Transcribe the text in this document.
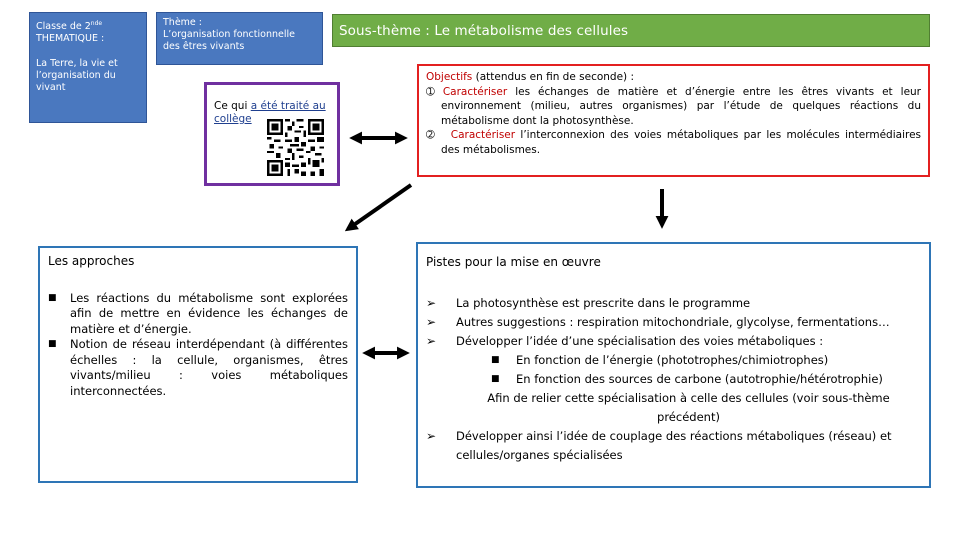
Classe de 2nde
THEMATIQUE :
La Terre, la vie et
l’organisation du
vivant
Thème :
L’organisation fonctionnelle
des êtres vivants
Sous-thème : Le métabolisme des cellules
Ce qui a été traité au
collège

Objectifs (attendus en fin de seconde) :

➀ Caractériser les échanges de matière et d’énergie entre les êtres vivants et leur environnement (milieu, autres organismes) par l’étude de quelques réactions du métabolisme dont la photosynthèse.

➁ Caractériser l’interconnexion des voies métaboliques par les molécules intermédiaires des métabolismes.

Les approches
■ Les réactions du métabolisme sont explorées afin de mettre en évidence les échanges de matière et d’énergie.
■ Notion de réseau interdépendant (à différentes échelles : la cellule, organismes, êtres vivants/milieu : voies métaboliques interconnectées.
Pistes pour la mise en œuvre
➢ La photosynthèse est prescrite dans le programme
➢ Autres suggestions : respiration mitochondriale, glycolyse, fermentations…
➢ Développer l’idée d’une spécialisation des voies métaboliques :
■ En fonction de l’énergie (phototrophes/chimiotrophes)
■ En fonction des sources de carbone (autotrophie/hétérotrophie)
Afin de relier cette spécialisation à celle des cellules (voir sous-thème précédent)
➢ Développer ainsi l’idée de couplage des réactions métaboliques (réseau) et cellules/organes spécialisées
